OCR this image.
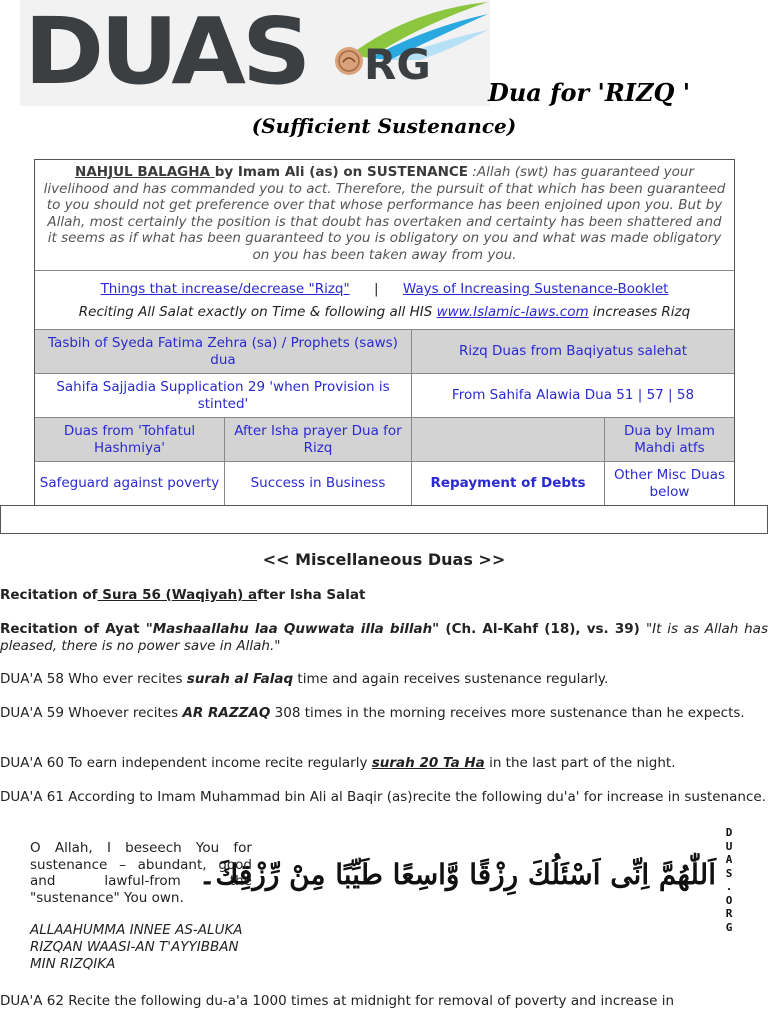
DUAS RG
Dua for 'RIZQ '
(Sufficient Sustenance)
NAHJUL BALAGHA by Imam Ali (as) on SUSTENANCE :Allah (swt) has guaranteed your livelihood and has commanded you to act. Therefore, the pursuit of that which has been guaranteed to you should not get preference over that whose performance has been enjoined upon you. But by Allah, most certainly the position is that doubt has overtaken and certainty has been shattered and it seems as if what has been guaranteed to you is obligatory on you and what was made obligatory on you has been taken away from you.
Things that increase/decrease "Rizq" | Ways of Increasing Sustenance-Booklet
Reciting All Salat exactly on Time & following all HIS www.Islamic-laws.com increases Rizq
Tasbih of Syeda Fatima Zehra (sa) / Prophets (saws) dua
Rizq Duas from Baqiyatus salehat
Sahifa Sajjadia Supplication 29 'when Provision is stinted'
From Sahifa Alawia Dua 51 | 57 | 58
Duas from 'Tohfatul Hashmiya'
After Isha prayer Dua for Rizq
Dua by Imam Mahdi atfs
Safeguard against poverty	Success in Business	Repayment of Debts
Other Misc Duas below
<< Miscellaneous Duas >>
Recitation of Sura 56 (Waqiyah) after Isha Salat
Recitation of Ayat "Mashaallahu laa Quwwata illa billah" (Ch. Al-Kahf (18), vs. 39) "It is as Allah has pleased, there is no power save in Allah."
DUA'A 58 Who ever recites surah al Falaq time and again receives sustenance regularly.
DUA'A 59 Whoever recites AR RAZZAQ 308 times in the morning receives more sustenance than he expects.
DUA'A 60 To earn independent income recite regularly surah 20 Ta Ha in the last part of the night.
DUA'A 61 According to Imam Muhammad bin Ali al Baqir (as)recite the following du'a' for increase in sustenance.
O Allah, I beseech You for sustenance – abundant, good and lawful-from the "sustenance" You own.
ALLAAHUMMA INNEE AS-ALUKA RIZQAN WAASI-AN T'AYYIBBAN MIN RIZQIKA
اَللّٰهُمَّ اِنِّی اَسْئَلُكَ رِزْقًا وَّاسِعًا طَيِّبًا مِنْ رِّزْقِكَ۔
D
U
A
S
.
O
R
G
DUA'A 62 Recite the following du-a'a 1000 times at midnight for removal of poverty and increase in
